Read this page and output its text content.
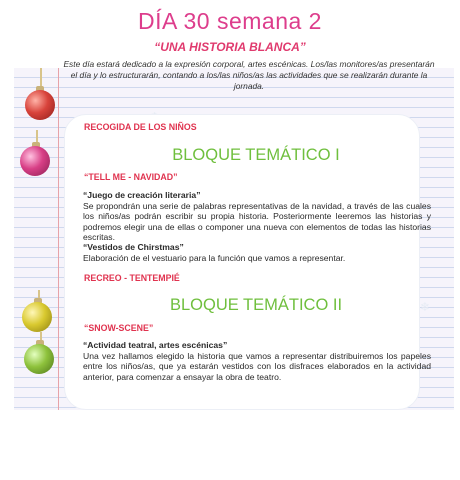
❄
DÍA 30 semana 2
“UNA HISTORIA BLANCA”
Este día estará dedicado a la expresión corporal, artes escénicas. Los/las monitores/as presentarán el día y lo estructurarán, contando a los/las niños/as las actividades que se realizarán durante la jornada.
RECOGIDA DE LOS NIÑOS
BLOQUE TEMÁTICO I
“TELL ME - NAVIDAD”
“Juego de creación literaria”
Se propondrán una serie de palabras representativas de la navidad, a través de las cuales los niños/as podrán escribir su propia historia. Posteriormente leeremos las historias y podremos elegir una de ellas o componer una nueva con elementos de todas las historias escritas.
“Vestidos de Chirstmas”
Elaboración de el vestuario para la función que vamos a representar.
RECREO - TENTEMPIÉ
BLOQUE TEMÁTICO II
“SNOW-SCENE”
“Actividad teatral, artes escénicas”
Una vez hallamos elegido la historia que vamos a representar distribuiremos los papeles entre los niños/as, que ya estarán vestidos con los disfraces elaborados en la actividad anterior, para comenzar a ensayar la obra de teatro.
